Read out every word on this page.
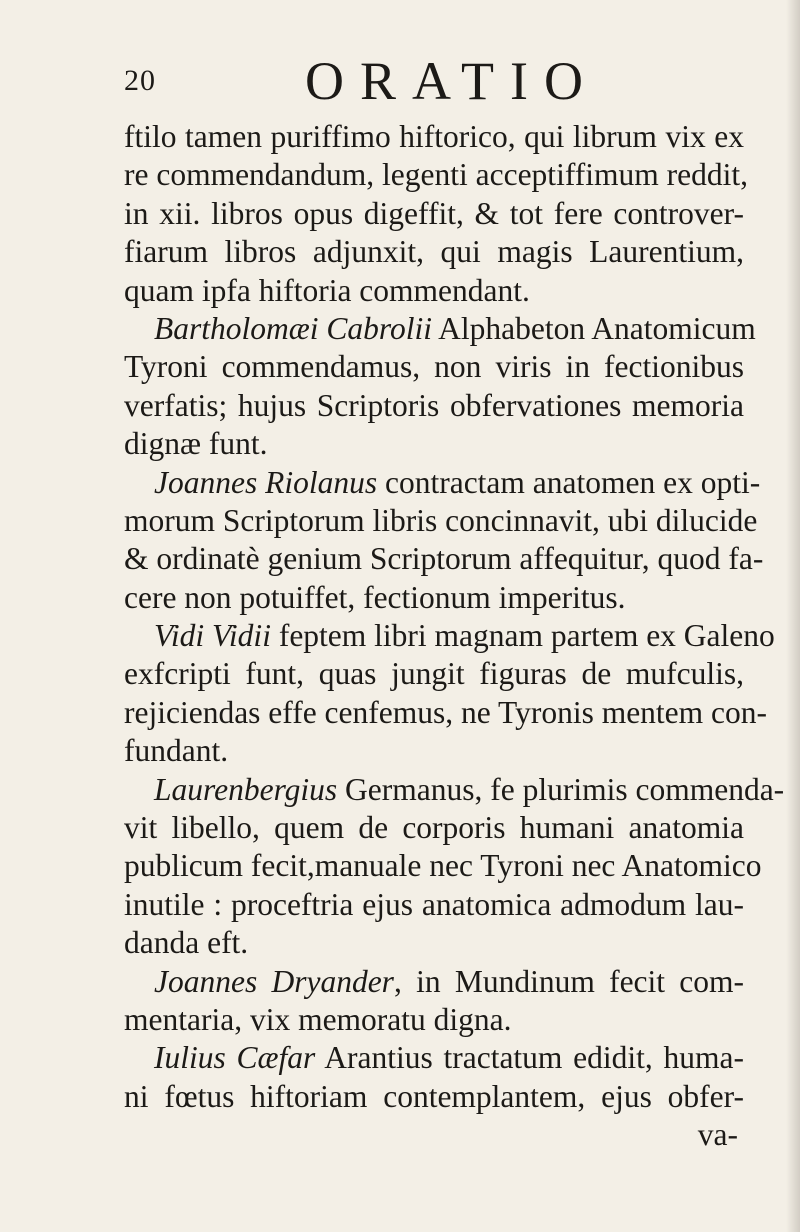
20	ORATIO
ftilo tamen puriffimo hiftorico, qui librum vix ex
re commendandum, legenti acceptiffimum reddit,
in xii. libros opus digeffit, & tot fere controver-
fiarum libros adjunxit, qui magis Laurentium,
quam ipfa hiftoria commendant.
Bartholomæi Cabrolii Alphabeton Anatomicum
Tyroni commendamus, non viris in fectionibus
verfatis; hujus Scriptoris obfervationes memoria
dignæ funt.
Joannes Riolanus contractam anatomen ex opti-
morum Scriptorum libris concinnavit, ubi dilucide
& ordinatè genium Scriptorum affequitur, quod fa-
cere non potuiffet, fectionum imperitus.
Vidi Vidii feptem libri magnam partem ex Galeno
exfcripti funt, quas jungit figuras de mufculis,
rejiciendas effe cenfemus, ne Tyronis mentem con-
fundant.
Laurenbergius Germanus, fe plurimis commenda-
vit libello, quem de corporis humani anatomia
publicum fecit,manuale nec Tyroni nec Anatomico
inutile : proceftria ejus anatomica admodum lau-
danda eft.
Joannes Dryander, in Mundinum fecit com-
mentaria, vix memoratu digna.
Iulius Cæfar Arantius tractatum edidit, huma-
ni fœtus hiftoriam contemplantem, ejus obfer-
va-
